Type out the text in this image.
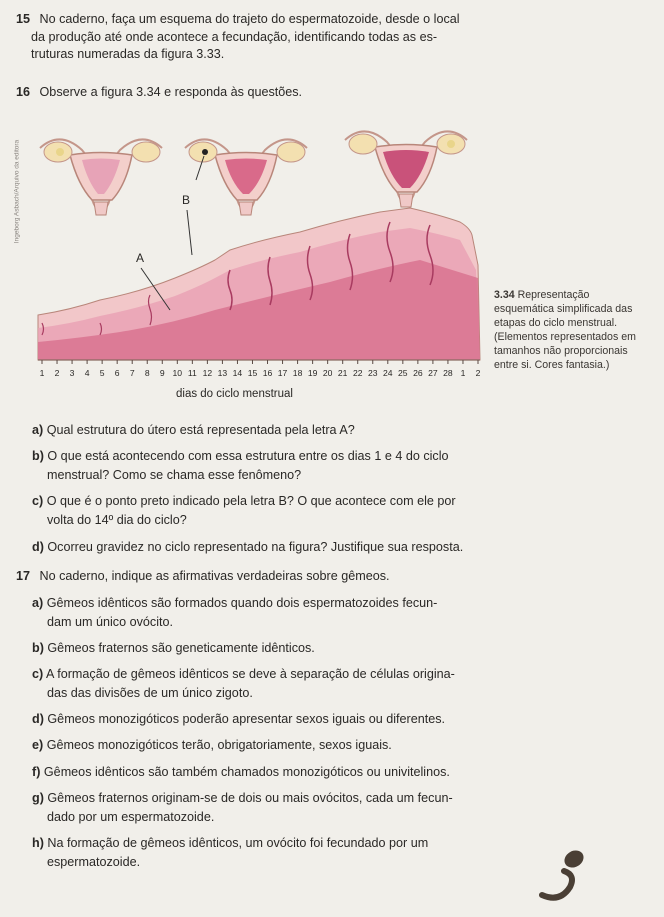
15 No caderno, faça um esquema do trajeto do espermatozoide, desde o local
da produção até onde acontece a fecundação, identificando todas as es-
truturas numeradas da figura 3.33.
16 Observe a figura 3.34 e responda às questões.
A
B
1 2 3 4 5 6 7 8 9 10 11 12 13 14 15 16 17 18 19 20 21 22 23 24 25 26 27 28 1 2
Ingeborg Asbach/Arquivo da editora
3.34 Representação
esquemática simplificada das
etapas do ciclo menstrual.
(Elementos representados em
tamanhos não proporcionais
entre si. Cores fantasia.)
dias do ciclo menstrual
a) Qual estrutura do útero está representada pela letra A?
b) O que está acontecendo com essa estrutura entre os dias 1 e 4 do ciclo
menstrual? Como se chama esse fenômeno?
c) O que é o ponto preto indicado pela letra B? O que acontece com ele por
volta do 14º dia do ciclo?
d) Ocorreu gravidez no ciclo representado na figura? Justifique sua resposta.
17 No caderno, indique as afirmativas verdadeiras sobre gêmeos.
a) Gêmeos idênticos são formados quando dois espermatozoides fecun-
dam um único ovócito.
b) Gêmeos fraternos são geneticamente idênticos.
c) A formação de gêmeos idênticos se deve à separação de células origina-
das das divisões de um único zigoto.
d) Gêmeos monozigóticos poderão apresentar sexos iguais ou diferentes.
e) Gêmeos monozigóticos terão, obrigatoriamente, sexos iguais.
f) Gêmeos idênticos são também chamados monozigóticos ou univitelinos.
g) Gêmeos fraternos originam-se de dois ou mais ovócitos, cada um fecun-
dado por um espermatozoide.
h) Na formação de gêmeos idênticos, um ovócito foi fecundado por um
espermatozoide.
